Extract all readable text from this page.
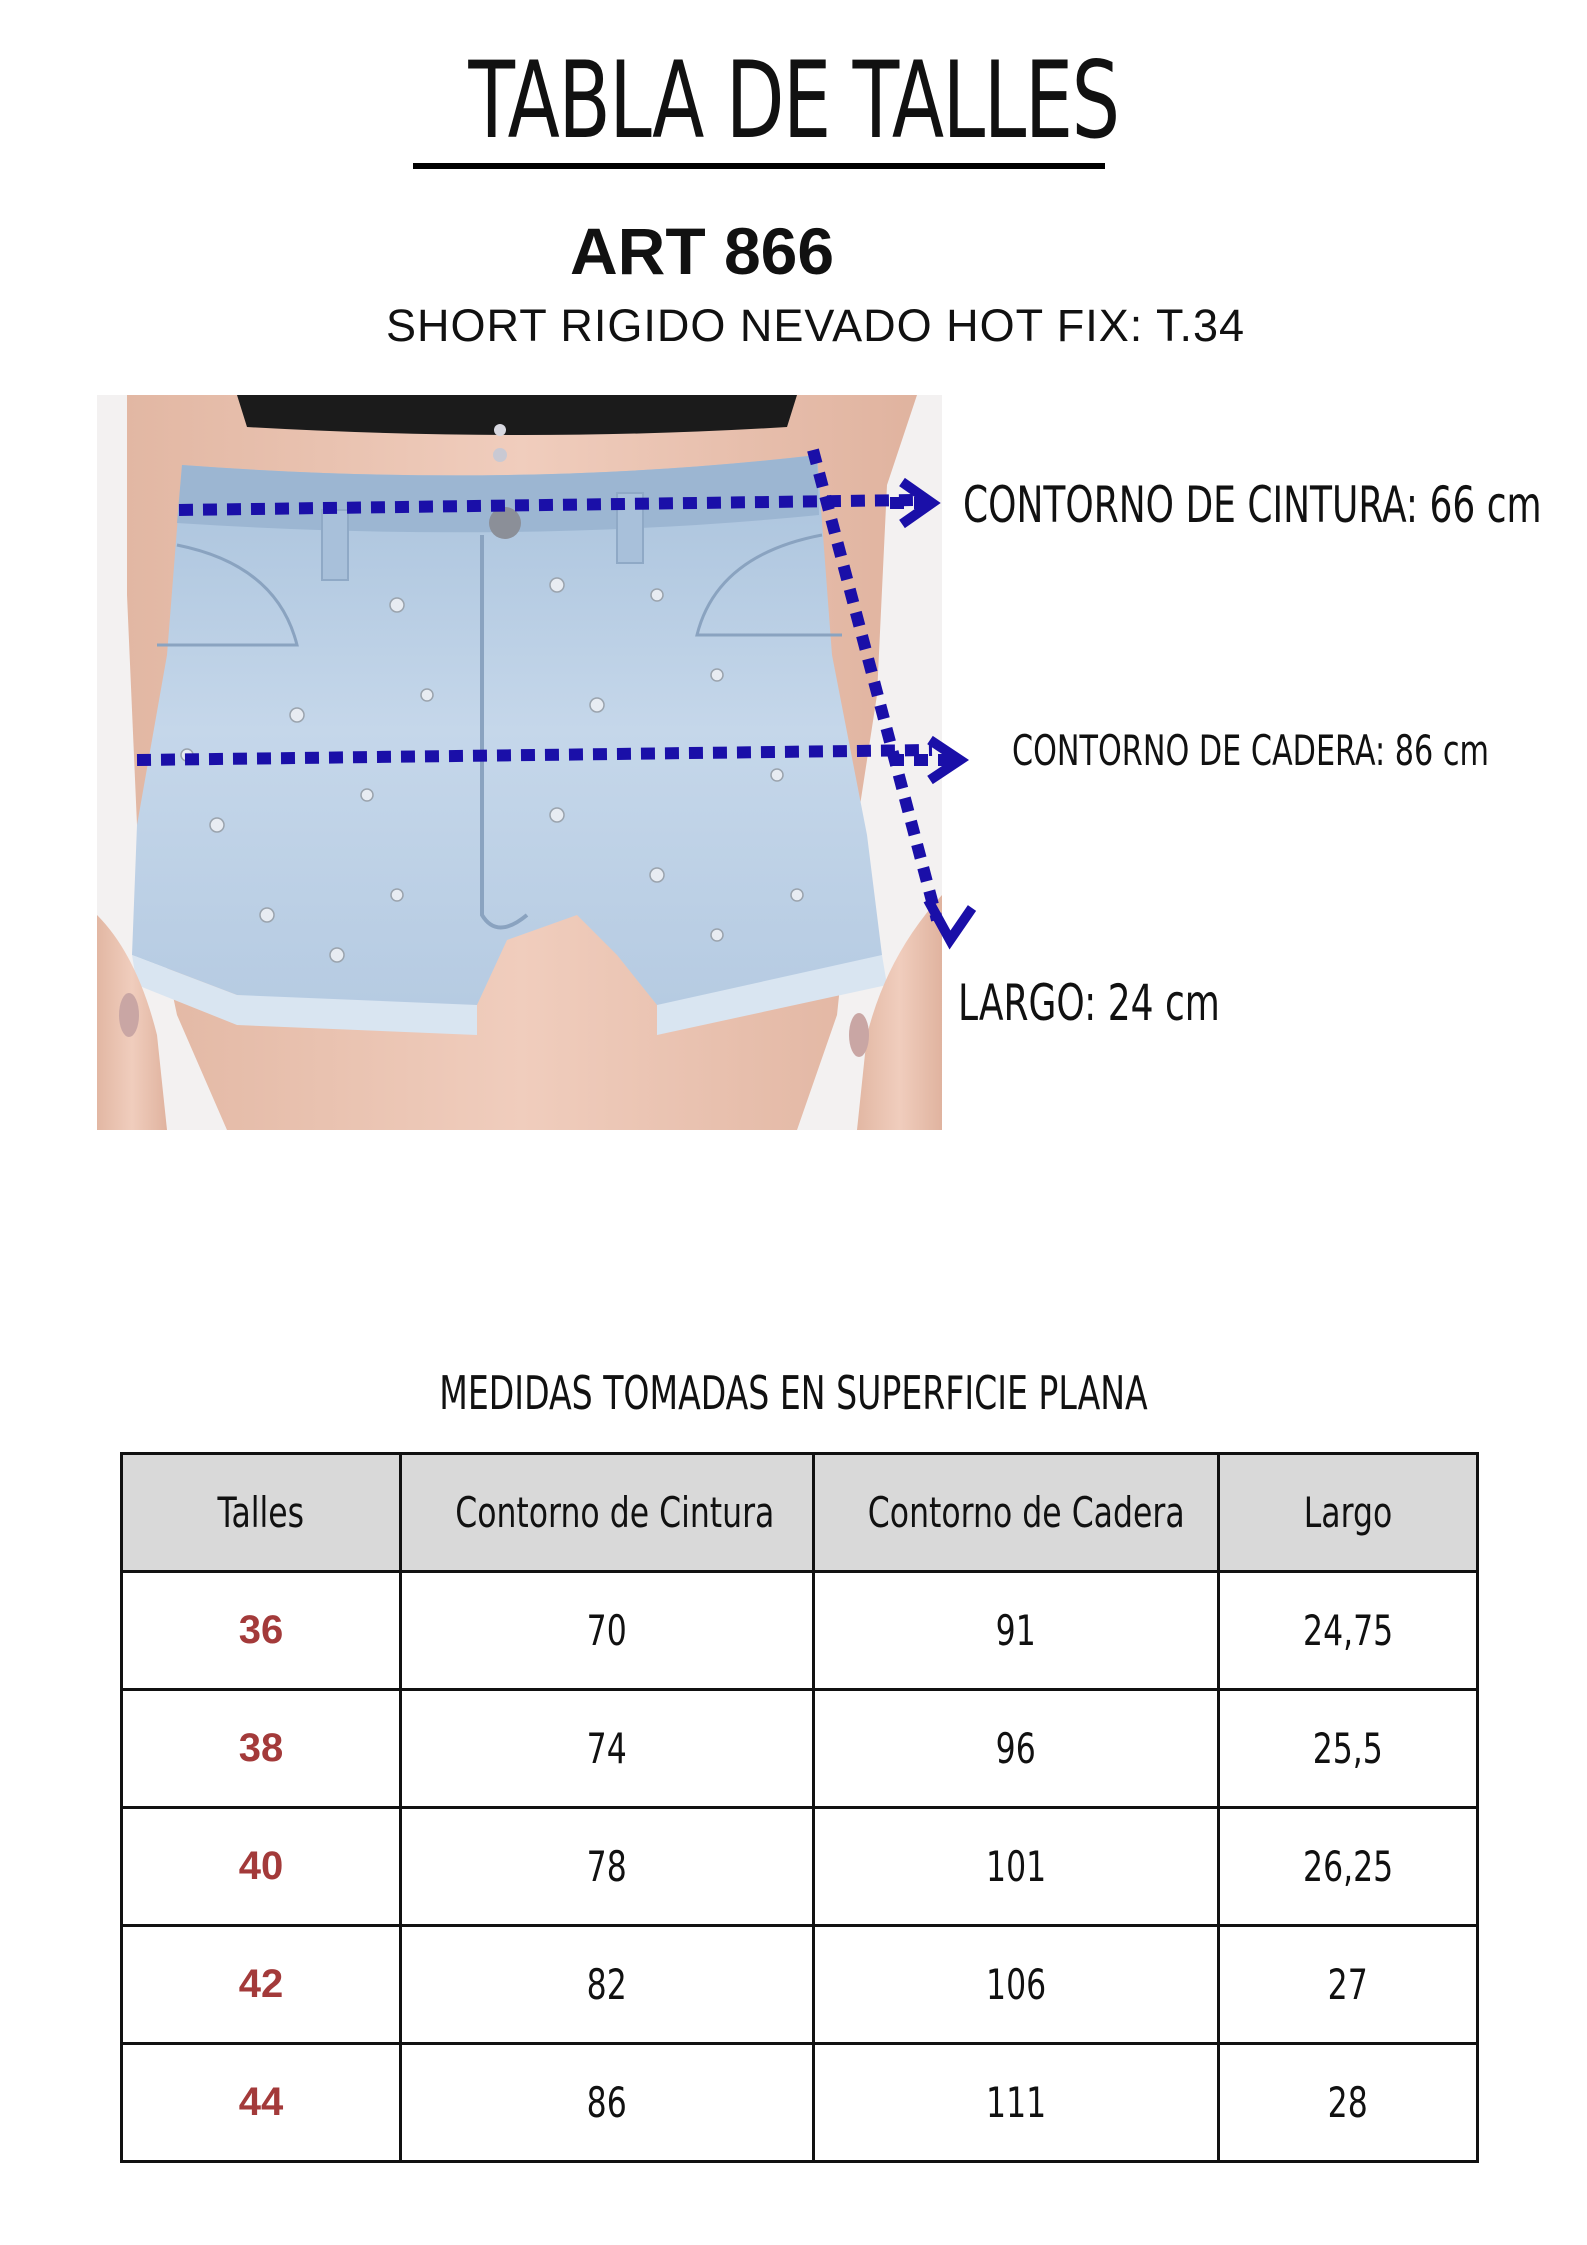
TABLA DE TALLES
ART 866
SHORT RIGIDO NEVADO HOT FIX: T.34
CONTORNO DE CINTURA: 66 cm
CONTORNO DE CADERA: 86 cm
LARGO: 24 cm
MEDIDAS TOMADAS EN SUPERFICIE PLANA
Talles	Contorno de Cintura	Contorno de Cadera	Largo
36	70	91	24,75
38	74	96	25,5
40	78	101	26,25
42	82	106	27
44	86	111	28
